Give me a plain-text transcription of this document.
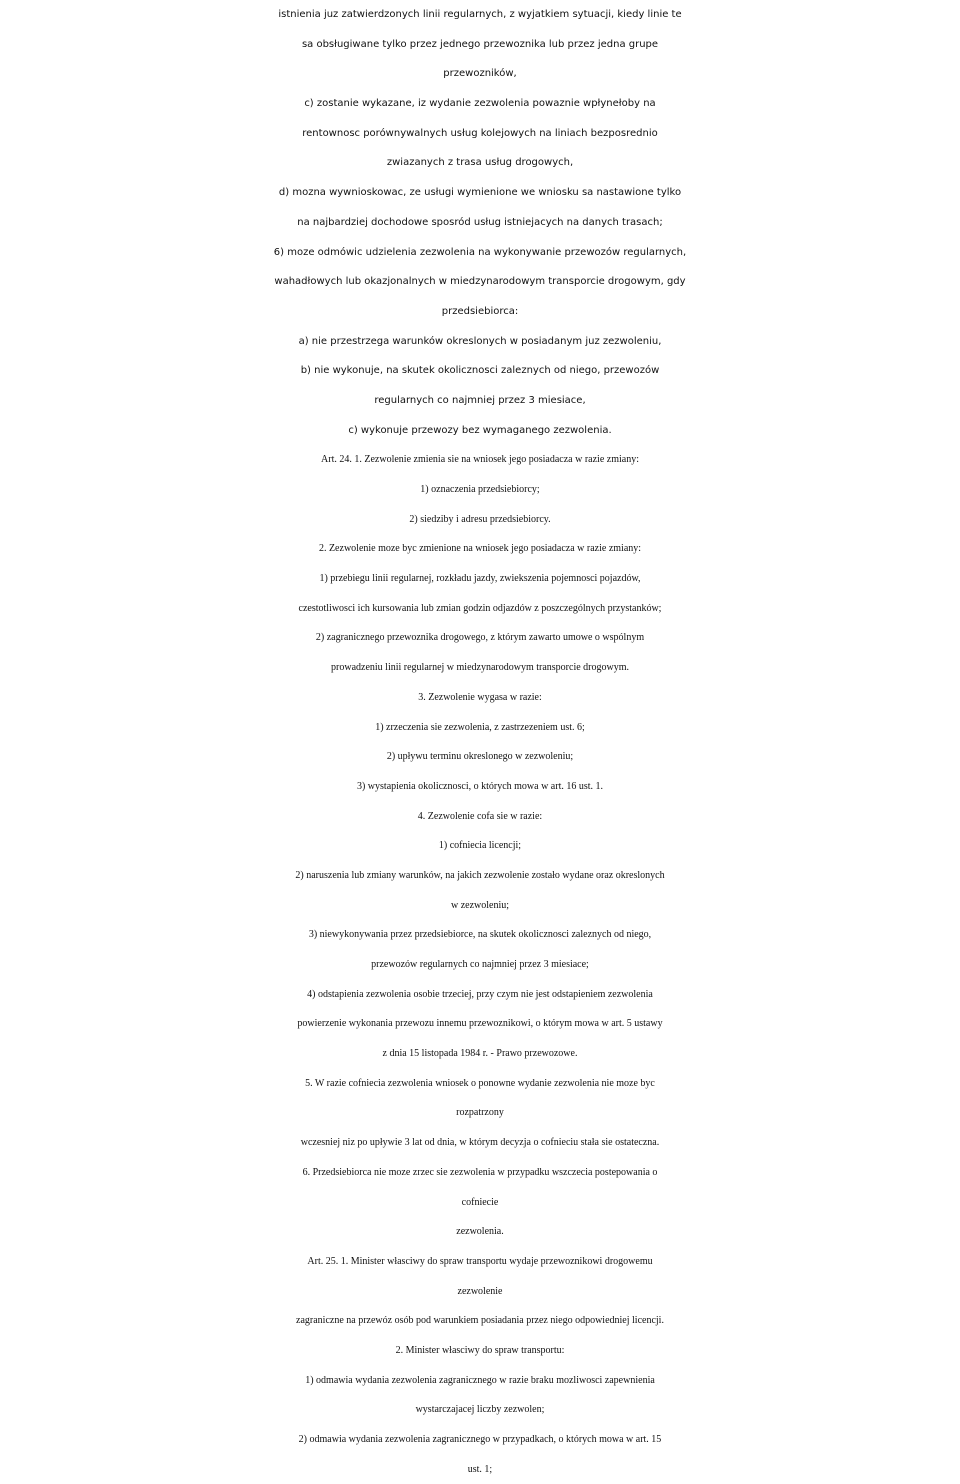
istnienia juz zatwierdzonych linii regularnych, z wyjatkiem sytuacji, kiedy linie te
sa obsługiwane tylko przez jednego przewoznika lub przez jedna grupe
przewozników,
c) zostanie wykazane, iz wydanie zezwolenia powaznie wpłynełoby na
rentownosc porównywalnych usług kolejowych na liniach bezposrednio
zwiazanych z trasa usług drogowych,
d) mozna wywnioskowac, ze usługi wymienione we wniosku sa nastawione tylko
na najbardziej dochodowe sposród usług istniejacych na danych trasach;
6) moze odmówic udzielenia zezwolenia na wykonywanie przewozów regularnych,
wahadłowych lub okazjonalnych w miedzynarodowym transporcie drogowym, gdy
przedsiebiorca:
a) nie przestrzega warunków okreslonych w posiadanym juz zezwoleniu,
b) nie wykonuje, na skutek okolicznosci zaleznych od niego, przewozów
regularnych co najmniej przez 3 miesiace,
c) wykonuje przewozy bez wymaganego zezwolenia.
Art. 24. 1. Zezwolenie zmienia sie na wniosek jego posiadacza w razie zmiany:
1) oznaczenia przedsiebiorcy;
2) siedziby i adresu przedsiebiorcy.
2. Zezwolenie moze byc zmienione na wniosek jego posiadacza w razie zmiany:
1) przebiegu linii regularnej, rozkładu jazdy, zwiekszenia pojemnosci pojazdów,
czestotliwosci ich kursowania lub zmian godzin odjazdów z poszczególnych przystanków;
2) zagranicznego przewoznika drogowego, z którym zawarto umowe o wspólnym
prowadzeniu linii regularnej w miedzynarodowym transporcie drogowym.
3. Zezwolenie wygasa w razie:
1) zrzeczenia sie zezwolenia, z zastrzezeniem ust. 6;
2) upływu terminu okreslonego w zezwoleniu;
3) wystapienia okolicznosci, o których mowa w art. 16 ust. 1.
4. Zezwolenie cofa sie w razie:
1) cofniecia licencji;
2) naruszenia lub zmiany warunków, na jakich zezwolenie zostało wydane oraz okreslonych
w zezwoleniu;
3) niewykonywania przez przedsiebiorce, na skutek okolicznosci zaleznych od niego,
przewozów regularnych co najmniej przez 3 miesiace;
4) odstapienia zezwolenia osobie trzeciej, przy czym nie jest odstapieniem zezwolenia
powierzenie wykonania przewozu innemu przewoznikowi, o którym mowa w art. 5 ustawy
z dnia 15 listopada 1984 r. - Prawo przewozowe.
5. W razie cofniecia zezwolenia wniosek o ponowne wydanie zezwolenia nie moze byc
rozpatrzony
wczesniej niz po upływie 3 lat od dnia, w którym decyzja o cofnieciu stała sie ostateczna.
6. Przedsiebiorca nie moze zrzec sie zezwolenia w przypadku wszczecia postepowania o
cofniecie
zezwolenia.
Art. 25. 1. Minister własciwy do spraw transportu wydaje przewoznikowi drogowemu
zezwolenie
zagraniczne na przewóz osób pod warunkiem posiadania przez niego odpowiedniej licencji.
2. Minister własciwy do spraw transportu:
1) odmawia wydania zezwolenia zagranicznego w razie braku mozliwosci zapewnienia
wystarczajacej liczby zezwolen;
2) odmawia wydania zezwolenia zagranicznego w przypadkach, o których mowa w art. 15
ust. 1;
